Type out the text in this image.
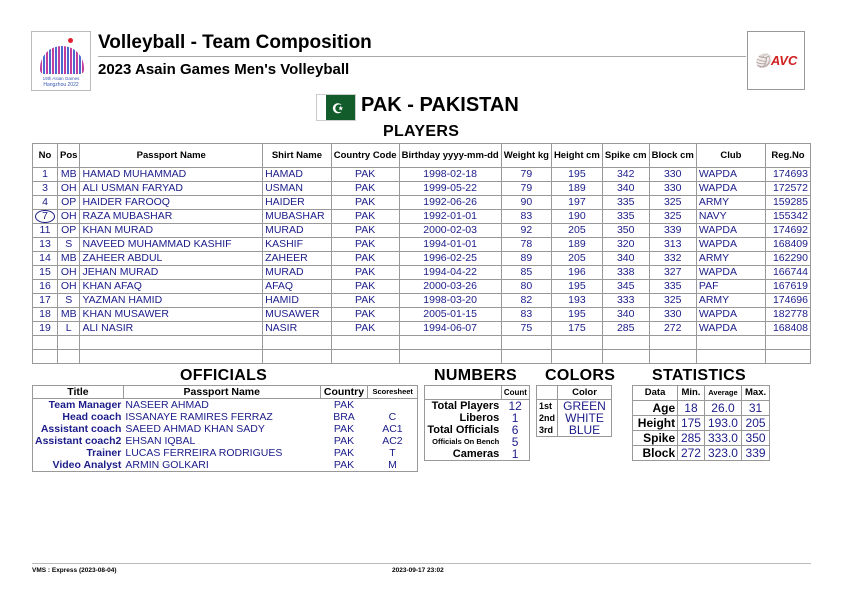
19th Asian Games
Hangzhou 2022
Volleyball - Team Composition
2023 Asain Games Men's Volleyball
🏐 AVC
☪ PAK - PAKISTAN
PLAYERS
No	Pos	Passport Name	Shirt Name	Country Code	Birthday yyyy-mm-dd	Weight kg	Height cm	Spike cm	Block cm	Club	Reg.No
1	MB	HAMAD MUHAMMAD	HAMAD	PAK	1998-02-18	79	195	342	330	WAPDA	174693
3	OH	ALI USMAN FARYAD	USMAN	PAK	1999-05-22	79	189	340	330	WAPDA	172572
4	OP	HAIDER FAROOQ	HAIDER	PAK	1992-06-26	90	197	335	325	ARMY	159285
7	OH	RAZA MUBASHAR	MUBASHAR	PAK	1992-01-01	83	190	335	325	NAVY	155342
11	OP	KHAN MURAD	MURAD	PAK	2000-02-03	92	205	350	339	WAPDA	174692
13	S	NAVEED MUHAMMAD KASHIF	KASHIF	PAK	1994-01-01	78	189	320	313	WAPDA	168409
14	MB	ZAHEER ABDUL	ZAHEER	PAK	1996-02-25	89	205	340	332	ARMY	162290
15	OH	JEHAN MURAD	MURAD	PAK	1994-04-22	85	196	338	327	WAPDA	166744
16	OH	KHAN AFAQ	AFAQ	PAK	2000-03-26	80	195	345	335	PAF	167619
17	S	YAZMAN HAMID	HAMID	PAK	1998-03-20	82	193	333	325	ARMY	174696
18	MB	KHAN MUSAWER	MUSAWER	PAK	2005-01-15	83	195	340	330	WAPDA	182778
19	L	ALI NASIR	NASIR	PAK	1994-06-07	75	175	285	272	WAPDA	168408

OFFICIALS
Title	Passport Name	Country	Scoresheet
Team Manager	NASEER AHMAD	PAK	
Head coach	ISSANAYE RAMIRES FERRAZ	BRA	C
Assistant coach	SAEED AHMAD KHAN SADY	PAK	AC1
Assistant coach2	EHSAN IQBAL	PAK	AC2
Trainer	LUCAS FERREIRA RODRIGUES	PAK	T
Video Analyst	ARMIN GOLKARI	PAK	M
NUMBERS
	Count
Total Players	12
Liberos	1
Total Officials	6
Officials On Bench	5
Cameras	1
COLORS
	Color
1st	GREEN
2nd	WHITE
3rd	BLUE
STATISTICS
Data	Min.	Average	Max.
Age	18	26.0	31
Height	175	193.0	205
Spike	285	333.0	350
Block	272	323.0	339
VMS : Express (2023-08-04)	2023-09-17 23:02
